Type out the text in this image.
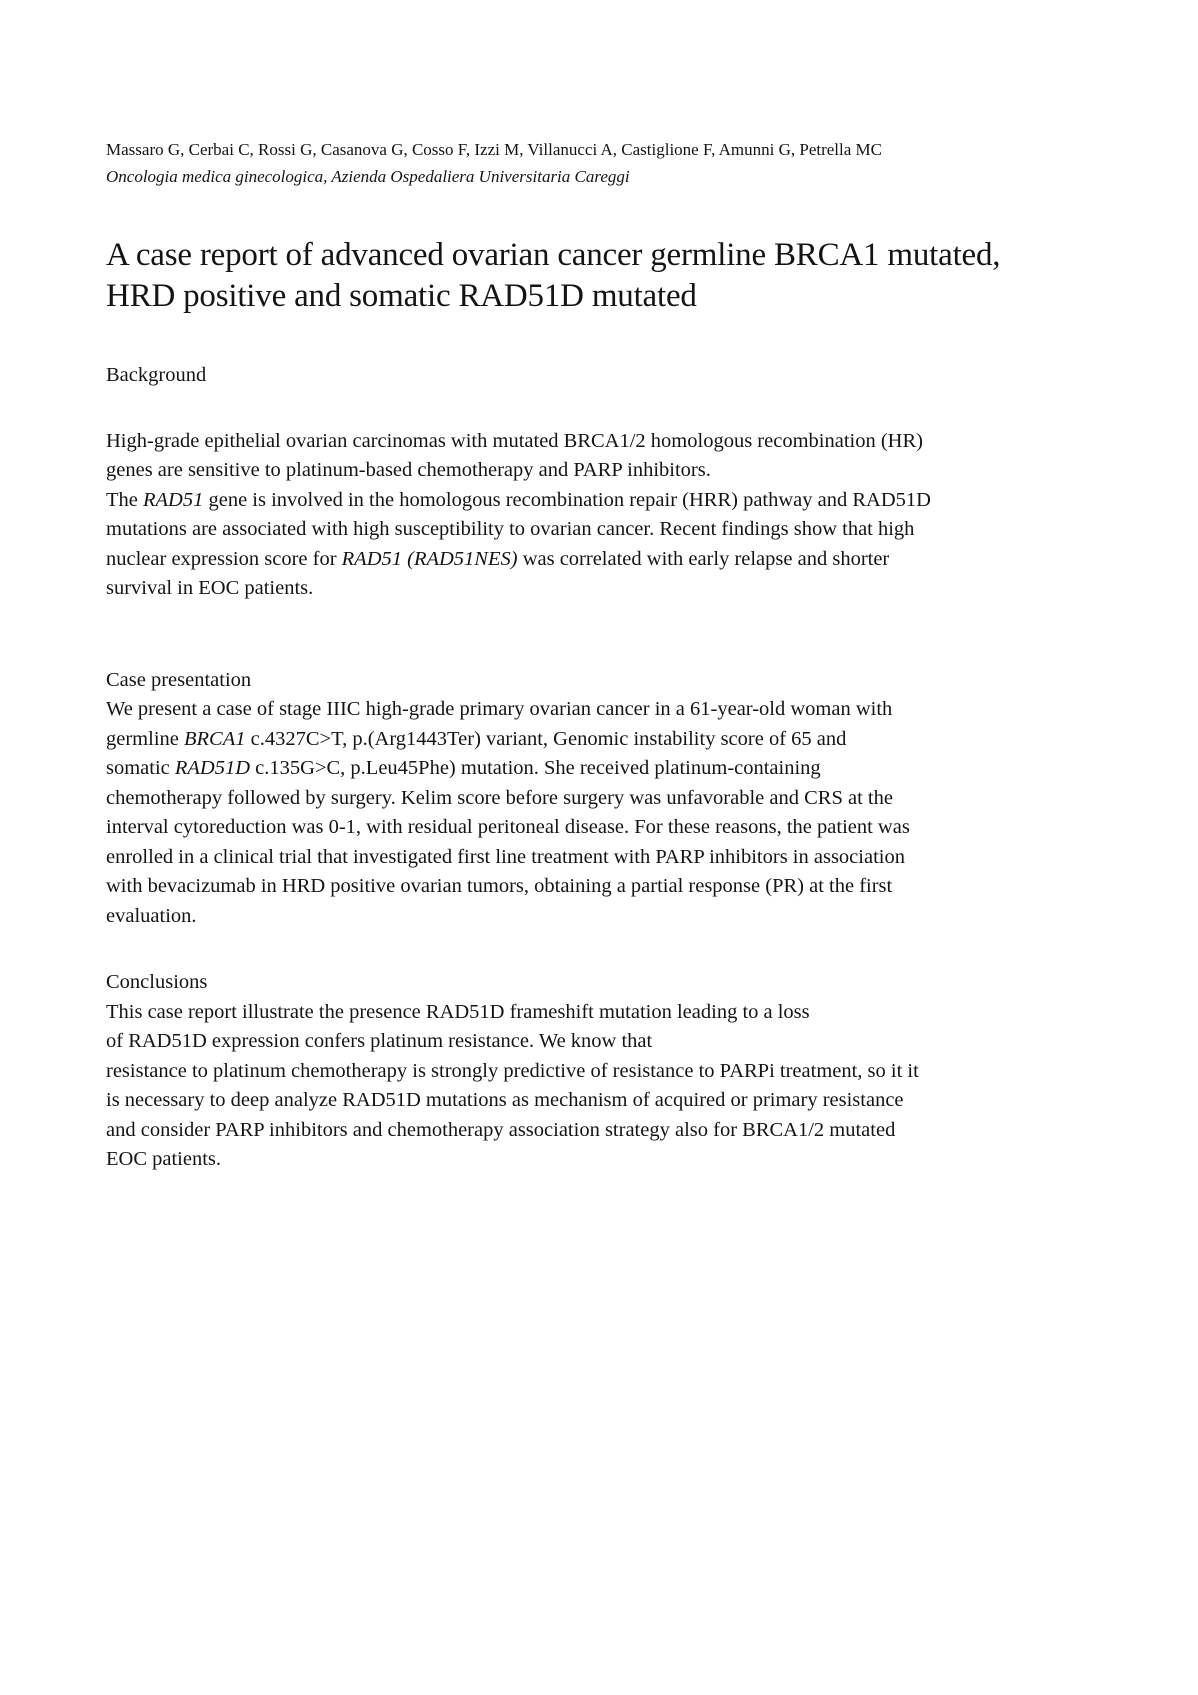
Massaro G, Cerbai C, Rossi G, Casanova G, Cosso F, Izzi M, Villanucci A, Castiglione F, Amunni G, Petrella MC
Oncologia medica ginecologica, Azienda Ospedaliera Universitaria Careggi
A case report of advanced ovarian cancer germline BRCA1 mutated,
HRD positive and somatic RAD51D mutated
Background
High-grade epithelial ovarian carcinomas with mutated BRCA1/2 homologous recombination (HR)
genes are sensitive to platinum-based chemotherapy and PARP inhibitors.
The RAD51 gene is involved in the homologous recombination repair (HRR) pathway and RAD51D
mutations are associated with high susceptibility to ovarian cancer. Recent findings show that high
nuclear expression score for RAD51 (RAD51NES) was correlated with early relapse and shorter
survival in EOC patients.
Case presentation
We present a case of stage IIIC high-grade primary ovarian cancer in a 61-year-old woman with
germline BRCA1 c.4327C>T, p.(Arg1443Ter) variant, Genomic instability score of 65 and
somatic RAD51D c.135G>C, p.Leu45Phe) mutation. She received platinum-containing
chemotherapy followed by surgery. Kelim score before surgery was unfavorable and CRS at the
interval cytoreduction was 0-1, with residual peritoneal disease. For these reasons, the patient was
enrolled in a clinical trial that investigated first line treatment with PARP inhibitors in association
with bevacizumab in HRD positive ovarian tumors, obtaining a partial response (PR) at the first
evaluation.
Conclusions
This case report illustrate the presence RAD51D frameshift mutation leading to a loss
of RAD51D expression confers platinum resistance. We know that
resistance to platinum chemotherapy is strongly predictive of resistance to PARPi treatment, so it it
is necessary to deep analyze RAD51D mutations as mechanism of acquired or primary resistance
and consider PARP inhibitors and chemotherapy association strategy also for BRCA1/2 mutated
EOC patients.
